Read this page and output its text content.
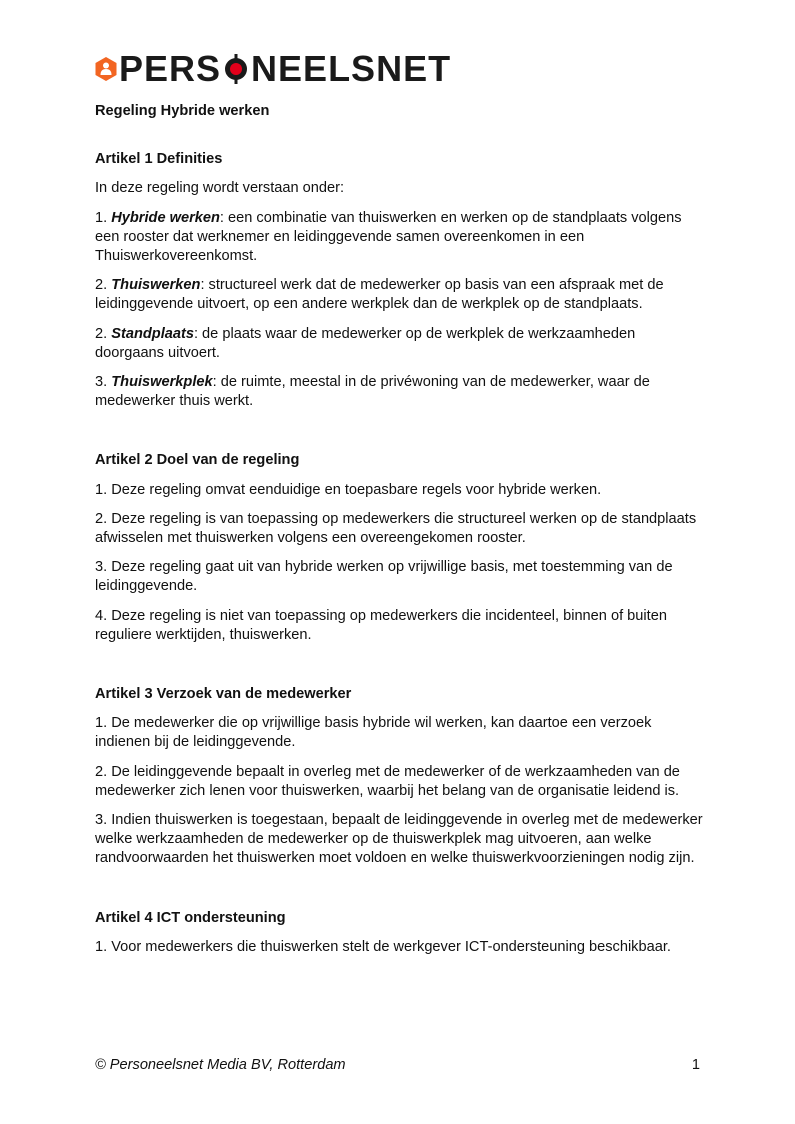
PERS NEELSNET
Regeling Hybride werken
Artikel 1 Definities

In deze regeling wordt verstaan onder:

1. Hybride werken: een combinatie van thuiswerken en werken op de standplaats volgens een rooster dat werknemer en leidinggevende samen overeenkomen in een Thuiswerkovereenkomst.

2. Thuiswerken: structureel werk dat de medewerker op basis van een afspraak met de leidinggevende uitvoert, op een andere werkplek dan de werkplek op de standplaats.

2. Standplaats: de plaats waar de medewerker op de werkplek de werkzaamheden doorgaans uitvoert.

3. Thuiswerkplek: de ruimte, meestal in de privéwoning van de medewerker, waar de medewerker thuis werkt.

Artikel 2 Doel van de regeling

1. Deze regeling omvat eenduidige en toepasbare regels voor hybride werken.

2. Deze regeling is van toepassing op medewerkers die structureel werken op de standplaats afwisselen met thuiswerken volgens een overeengekomen rooster.

3. Deze regeling gaat uit van hybride werken op vrijwillige basis, met toestemming van de leidinggevende.

4. Deze regeling is niet van toepassing op medewerkers die incidenteel, binnen of buiten reguliere werktijden, thuiswerken.

Artikel 3 Verzoek van de medewerker

1. De medewerker die op vrijwillige basis hybride wil werken, kan daartoe een verzoek indienen bij de leidinggevende.

2. De leidinggevende bepaalt in overleg met de medewerker of de werkzaamheden van de medewerker zich lenen voor thuiswerken, waarbij het belang van de organisatie leidend is.

3. Indien thuiswerken is toegestaan, bepaalt de leidinggevende in overleg met de medewerker welke werkzaamheden de medewerker op de thuiswerkplek mag uitvoeren, aan welke randvoorwaarden het thuiswerken moet voldoen en welke thuiswerkvoorzieningen nodig zijn.

Artikel 4 ICT ondersteuning

1. Voor medewerkers die thuiswerken stelt de werkgever ICT-ondersteuning beschikbaar.

© Personeelsnet Media BV, Rotterdam	1
